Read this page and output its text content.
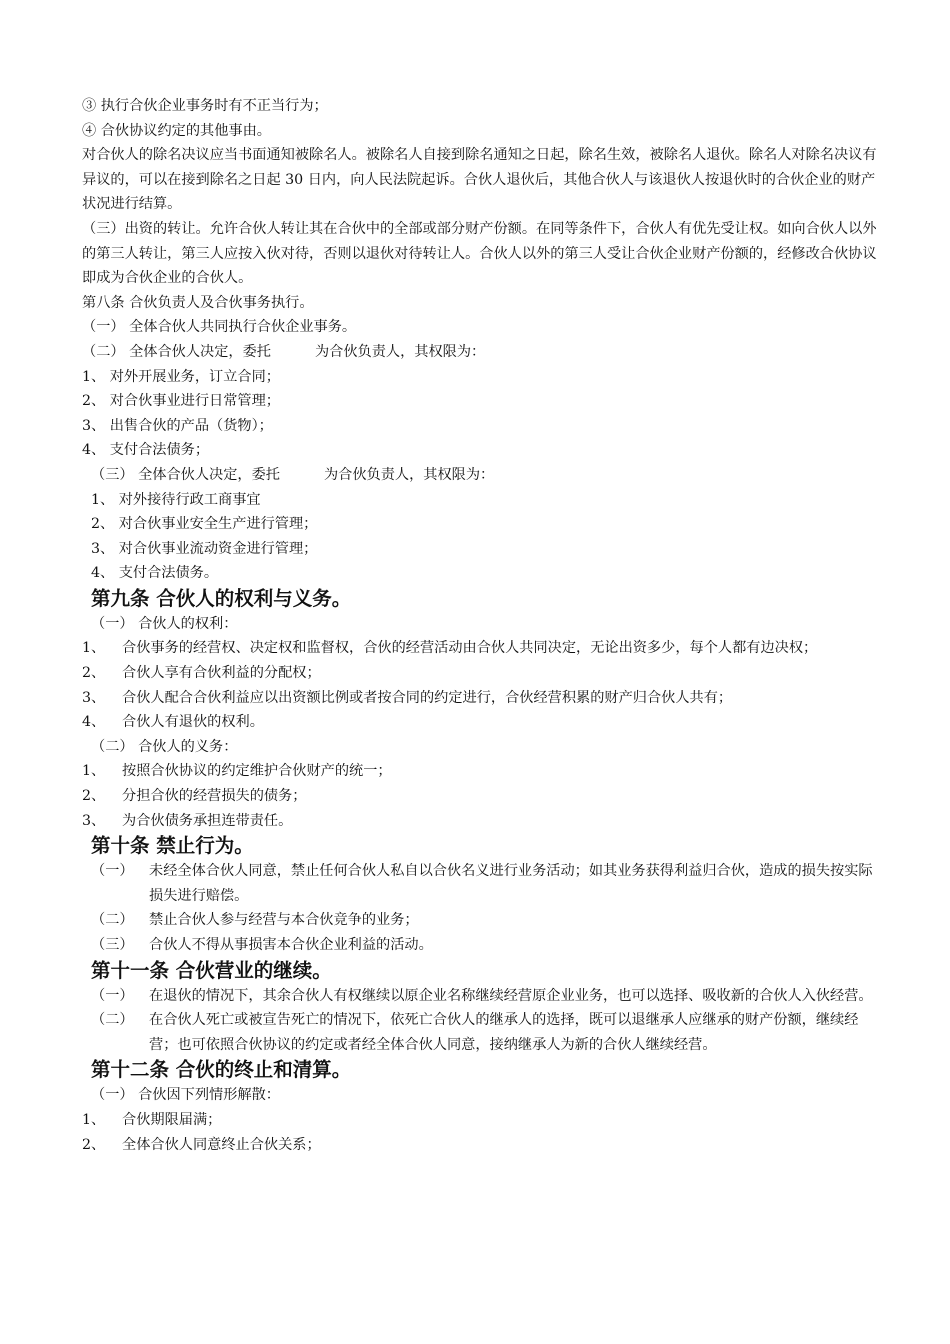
③ 执行合伙企业事务时有不正当行为；
④ 合伙协议约定的其他事由。
对合伙人的除名决议应当书面通知被除名人。被除名人自接到除名通知之日起，除名生效，被除名人退伙。除名人对除名决议有异议的，可以在接到除名之日起 30 日内，向人民法院起诉。合伙人退伙后，其他合伙人与该退伙人按退伙时的合伙企业的财产状况进行结算。
（三）出资的转让。允许合伙人转让其在合伙中的全部或部分财产份额。在同等条件下，合伙人有优先受让权。如向合伙人以外的第三人转让，第三人应按入伙对待，否则以退伙对待转让人。合伙人以外的第三人受让合伙企业财产份额的，经修改合伙协议即成为合伙企业的合伙人。
第八条 合伙负责人及合伙事务执行。
（一） 全体合伙人共同执行合伙企业事务。
（二） 全体合伙人决定，委托	为合伙负责人，其权限为：
1、 对外开展业务，订立合同；
2、 对合伙事业进行日常管理；
3、 出售合伙的产品（货物）；
4、 支付合法债务；
（三） 全体合伙人决定，委托	为合伙负责人，其权限为：
1、 对外接待行政工商事宜
2、 对合伙事业安全生产进行管理；
3、 对合伙事业流动资金进行管理；
4、 支付合法债务。
第九条 合伙人的权利与义务。
（一） 合伙人的权利：
1、	合伙事务的经营权、决定权和监督权，合伙的经营活动由合伙人共同决定，无论出资多少，每个人都有边决权；
2、	合伙人享有合伙利益的分配权；
3、	合伙人配合合伙利益应以出资额比例或者按合同的约定进行，合伙经营积累的财产归合伙人共有；
4、	合伙人有退伙的权利。
（二） 合伙人的义务：
1、	按照合伙协议的约定维护合伙财产的统一；
2、	分担合伙的经营损失的债务；
3、	为合伙债务承担连带责任。
第十条 禁止行为。
（一）	未经全体合伙人同意，禁止任何合伙人私自以合伙名义进行业务活动；如其业务获得利益归合伙，造成的损失按实际损失进行赔偿。
（二）	禁止合伙人参与经营与本合伙竞争的业务；
（三）	合伙人不得从事损害本合伙企业利益的活动。
第十一条 合伙营业的继续。
（一）	在退伙的情况下，其余合伙人有权继续以原企业名称继续经营原企业业务，也可以选择、吸收新的合伙人入伙经营。
（二）	在合伙人死亡或被宣告死亡的情况下，依死亡合伙人的继承人的选择，既可以退继承人应继承的财产份额，继续经营；也可依照合伙协议的约定或者经全体合伙人同意，接纳继承人为新的合伙人继续经营。
第十二条 合伙的终止和清算。
（一） 合伙因下列情形解散：
1、	合伙期限届满；
2、	全体合伙人同意终止合伙关系；
